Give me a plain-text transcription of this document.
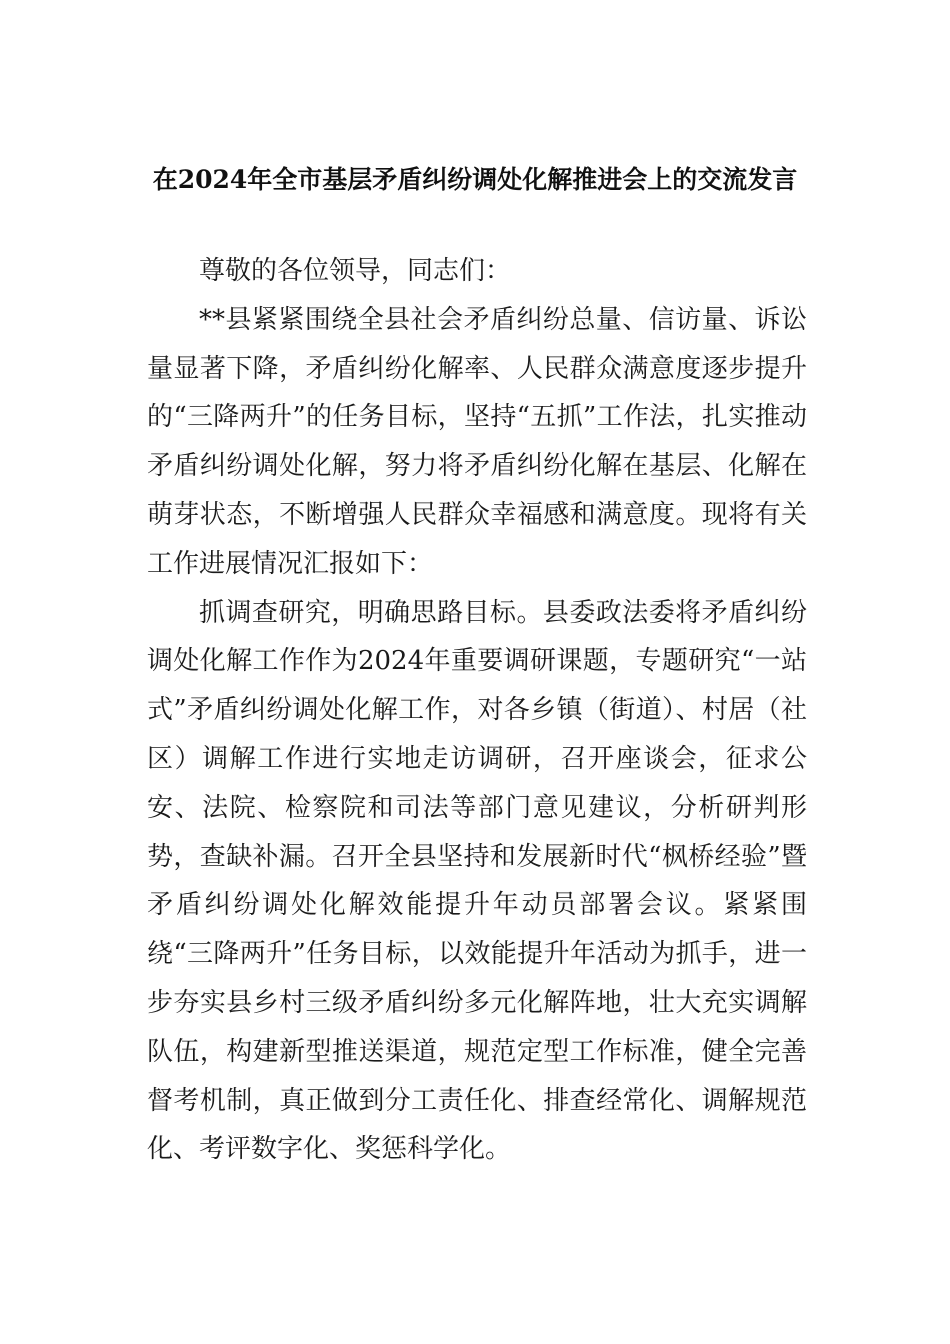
在2024年全市基层矛盾纠纷调处化解推进会上的交流发言

尊敬的各位领导，同志们：

**县紧紧围绕全县社会矛盾纠纷总量、信访量、诉讼量显著下降，矛盾纠纷化解率、人民群众满意度逐步提升的“三降两升”的任务目标，坚持“五抓”工作法，扎实推动矛盾纠纷调处化解，努力将矛盾纠纷化解在基层、化解在萌芽状态，不断增强人民群众幸福感和满意度。现将有关工作进展情况汇报如下：

抓调查研究，明确思路目标。县委政法委将矛盾纠纷调处化解工作作为2024年重要调研课题，专题研究“一站式”矛盾纠纷调处化解工作，对各乡镇（街道）、村居（社区）调解工作进行实地走访调研，召开座谈会，征求公安、法院、检察院和司法等部门意见建议，分析研判形势，查缺补漏。召开全县坚持和发展新时代“枫桥经验”暨矛盾纠纷调处化解效能提升年动员部署会议。紧紧围绕“三降两升”任务目标，以效能提升年活动为抓手，进一步夯实县乡村三级矛盾纠纷多元化解阵地，壮大充实调解队伍，构建新型推送渠道，规范定型工作标准，健全完善督考机制，真正做到分工责任化、排查经常化、调解规范化、考评数字化、奖惩科学化。
